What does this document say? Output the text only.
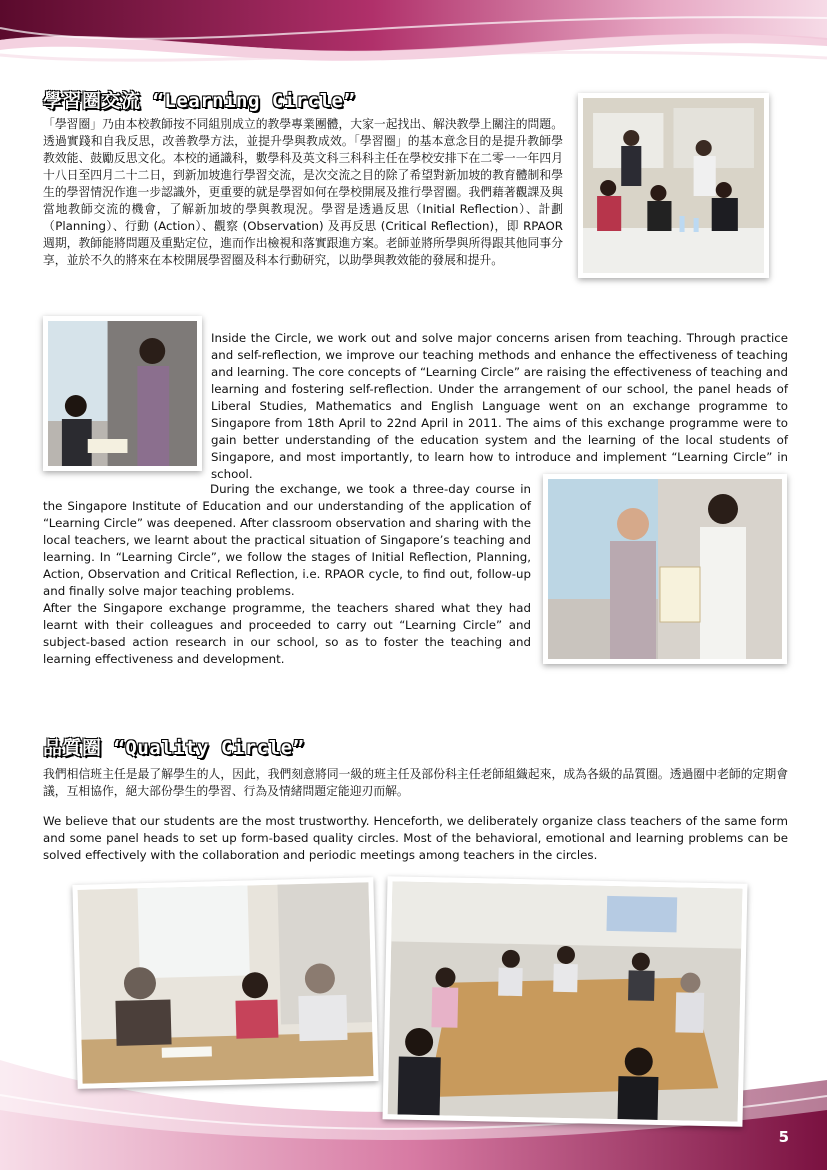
學習圈交流 “Learning Circle”

「學習圈」乃由本校教師按不同組別成立的教學專業團體，大家一起找出、解決教學上關注的問題。透過實踐和自我反思，改善教學方法，並提升學與教成效。「學習圈」的基本意念目的是提升教師學教效能、鼓勵反思文化。本校的通識科，數學科及英文科三科科主任在學校安排下在二零一一年四月十八日至四月二十二日，到新加坡進行學習交流，是次交流之目的除了希望對新加坡的教育體制和學生的學習情況作進一步認識外，更重要的就是學習如何在學校開展及推行學習圈。我們藉著觀課及與當地教師交流的機會，了解新加坡的學與教現況。學習是透過反思（Initial Reflection）、計劃（Planning）、行動 (Action）、觀察 (Observation) 及再反思 (Critical Reflection)，即 RPAOR 週期，教師能將問題及重點定位，進而作出檢視和落實跟進方案。老師並將所學與所得跟其他同事分享，並於不久的將來在本校開展學習圈及科本行動研究，以助學與教效能的發展和提升。

Inside the Circle, we work out and solve major concerns arisen from teaching. Through practice and self-reflection, we improve our teaching methods and enhance the effectiveness of teaching and learning. The core concepts of “Learning Circle” are raising the effectiveness of teaching and learning and fostering self-reflection. Under the arrangement of our school, the panel heads of Liberal Studies, Mathematics and English Language went on an exchange programme to Singapore from 18th April to 22nd April in 2011. The aims of this exchange programme were to gain better understanding of the education system and the learning of the local students of Singapore, and most importantly, to learn how to introduce and implement “Learning Circle” in school.

During the exchange, we took a three-day course in the Singapore Institute of Education and our understanding of the application of “Learning Circle” was deepened. After classroom observation and sharing with the local teachers, we learnt about the practical situation of Singapore’s teaching and learning. In “Learning Circle”, we follow the stages of Initial Reflection, Planning, Action, Observation and Critical Reflection, i.e. RPAOR cycle, to find out, follow-up and finally solve major teaching problems.

After the Singapore exchange programme, the teachers shared what they had learnt with their colleagues and proceeded to carry out “Learning Circle” and subject-based action research in our school, so as to foster the teaching and learning effectiveness and development.

品質圈 “Quality Circle”

我們相信班主任是最了解學生的人，因此，我們刻意將同一級的班主任及部份科主任老師組織起來，成為各級的品質圈。透過圈中老師的定期會議，互相協作，絕大部份學生的學習、行為及情緒問題定能迎刃而解。

We believe that our students are the most trustworthy. Henceforth, we deliberately organize class teachers of the same form and some panel heads to set up form-based quality circles. Most of the behavioral, emotional and learning problems can be solved effectively with the collaboration and periodic meetings among teachers in the circles.

5
